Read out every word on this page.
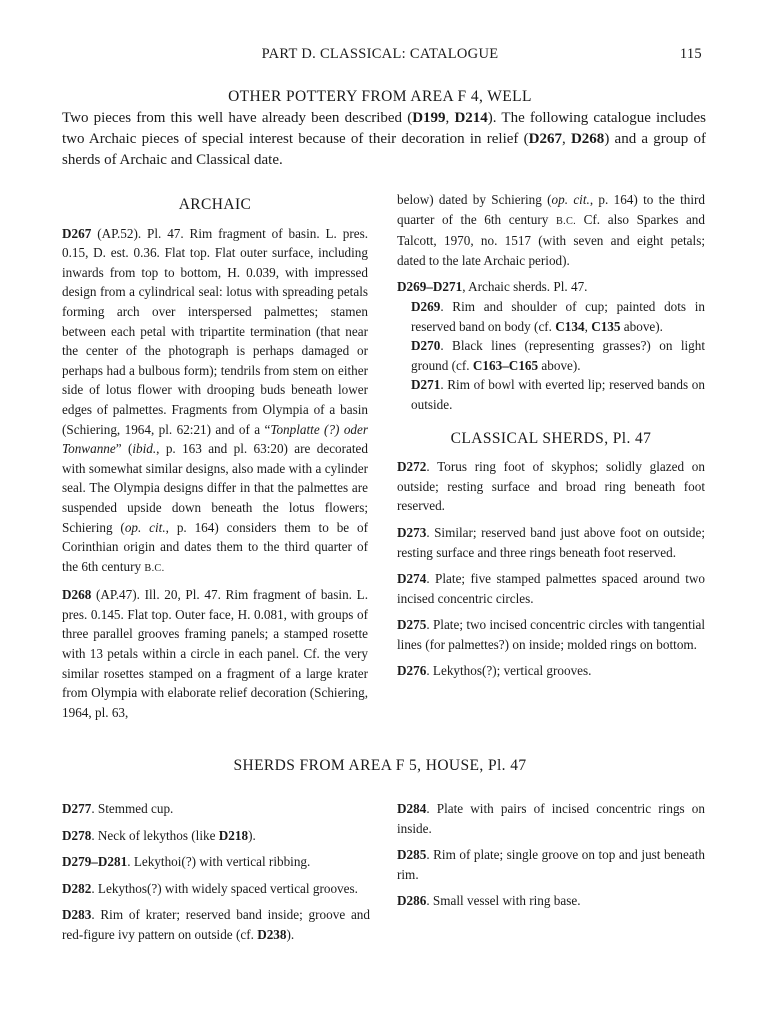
PART D. CLASSICAL: CATALOGUE	115
OTHER POTTERY FROM AREA F 4, WELL

Two pieces from this well have already been described (D199, D214). The following catalogue includes two Archaic pieces of special interest because of their decoration in relief (D267, D268) and a group of sherds of Archaic and Classical date.

ARCHAIC

D267 (AP.52). Pl. 47. Rim fragment of basin. L. pres. 0.15, D. est. 0.36. Flat top. Flat outer surface, including inwards from top to bottom, H. 0.039, with impressed design from a cylindrical seal: lotus with spreading petals forming arch over interspersed palmettes; stamen between each petal with tripartite termination (that near the center of the photograph is perhaps damaged or perhaps had a bulbous form); tendrils from stem on either side of lotus flower with drooping buds beneath lower edges of palmettes. Fragments from Olympia of a basin (Schiering, 1964, pl. 62:21) and of a “Tonplatte (?) oder Tonwanne” (ibid., p. 163 and pl. 63:20) are decorated with somewhat similar designs, also made with a cylinder seal. The Olympia designs differ in that the palmettes are suspended upside down beneath the lotus flowers; Schiering (op. cit., p. 164) considers them to be of Corinthian origin and dates them to the third quarter of the 6th century B.C.

D268 (AP.47). Ill. 20, Pl. 47. Rim fragment of basin. L. pres. 0.145. Flat top. Outer face, H. 0.081, with groups of three parallel grooves framing panels; a stamped rosette with 13 petals within a circle in each panel. Cf. the very similar rosettes stamped on a fragment of a large krater from Olympia with elaborate relief decoration (Schiering, 1964, pl. 63,

below) dated by Schiering (op. cit., p. 164) to the third quarter of the 6th century B.C. Cf. also Sparkes and Talcott, 1970, no. 1517 (with seven and eight petals; dated to the late Archaic period).

D269–D271, Archaic sherds. Pl. 47.

D269. Rim and shoulder of cup; painted dots in reserved band on body (cf. C134, C135 above).

D270. Black lines (representing grasses?) on light ground (cf. C163–C165 above).

D271. Rim of bowl with everted lip; reserved bands on outside.

CLASSICAL SHERDS, Pl. 47

D272. Torus ring foot of skyphos; solidly glazed on outside; resting surface and broad ring beneath foot reserved.

D273. Similar; reserved band just above foot on outside; resting surface and three rings beneath foot reserved.

D274. Plate; five stamped palmettes spaced around two incised concentric circles.

D275. Plate; two incised concentric circles with tangential lines (for palmettes?) on inside; molded rings on bottom.

D276. Lekythos(?); vertical grooves.

SHERDS FROM AREA F 5, HOUSE, Pl. 47

D277. Stemmed cup.

D278. Neck of lekythos (like D218).

D279–D281. Lekythoi(?) with vertical ribbing.

D282. Lekythos(?) with widely spaced vertical grooves.

D283. Rim of krater; reserved band inside; groove and red-figure ivy pattern on outside (cf. D238).

D284. Plate with pairs of incised concentric rings on inside.

D285. Rim of plate; single groove on top and just beneath rim.

D286. Small vessel with ring base.
